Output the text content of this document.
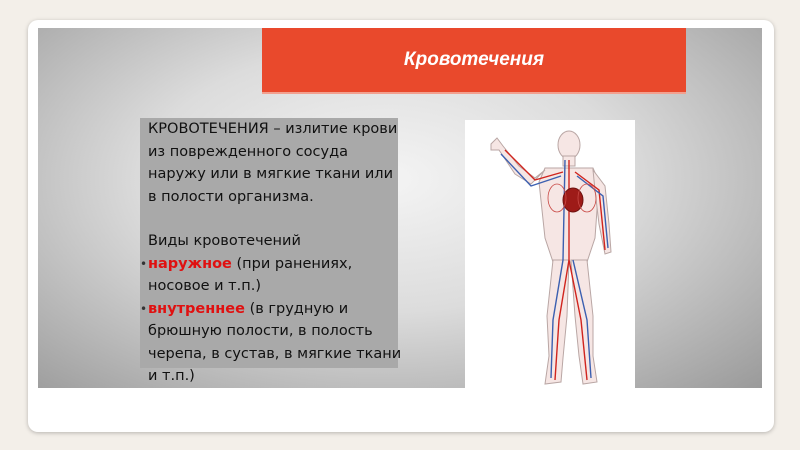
Кровотечения

КРОВОТЕЧЕНИЯ – излитие крови из поврежденного сосуда наружу или в мягкие ткани или в полости организма.

Виды кровотечений

• наружное (при ранениях, носовое и т.п.)

• внутреннее (в грудную и брюшную полости, в полость черепа, в сустав, в мягкие ткани и т.п.)
